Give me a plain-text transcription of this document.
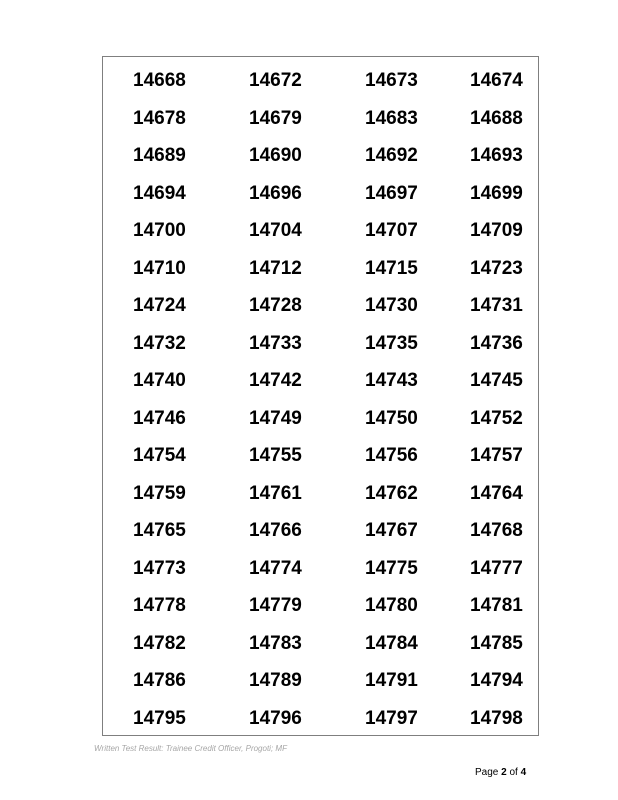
14668	14672	14673	14674
14678	14679	14683	14688
14689	14690	14692	14693
14694	14696	14697	14699
14700	14704	14707	14709
14710	14712	14715	14723
14724	14728	14730	14731
14732	14733	14735	14736
14740	14742	14743	14745
14746	14749	14750	14752
14754	14755	14756	14757
14759	14761	14762	14764
14765	14766	14767	14768
14773	14774	14775	14777
14778	14779	14780	14781
14782	14783	14784	14785
14786	14789	14791	14794
14795	14796	14797	14798
Written Test Result: Trainee Credit Officer, Progoti; MF
Page 2 of 4
